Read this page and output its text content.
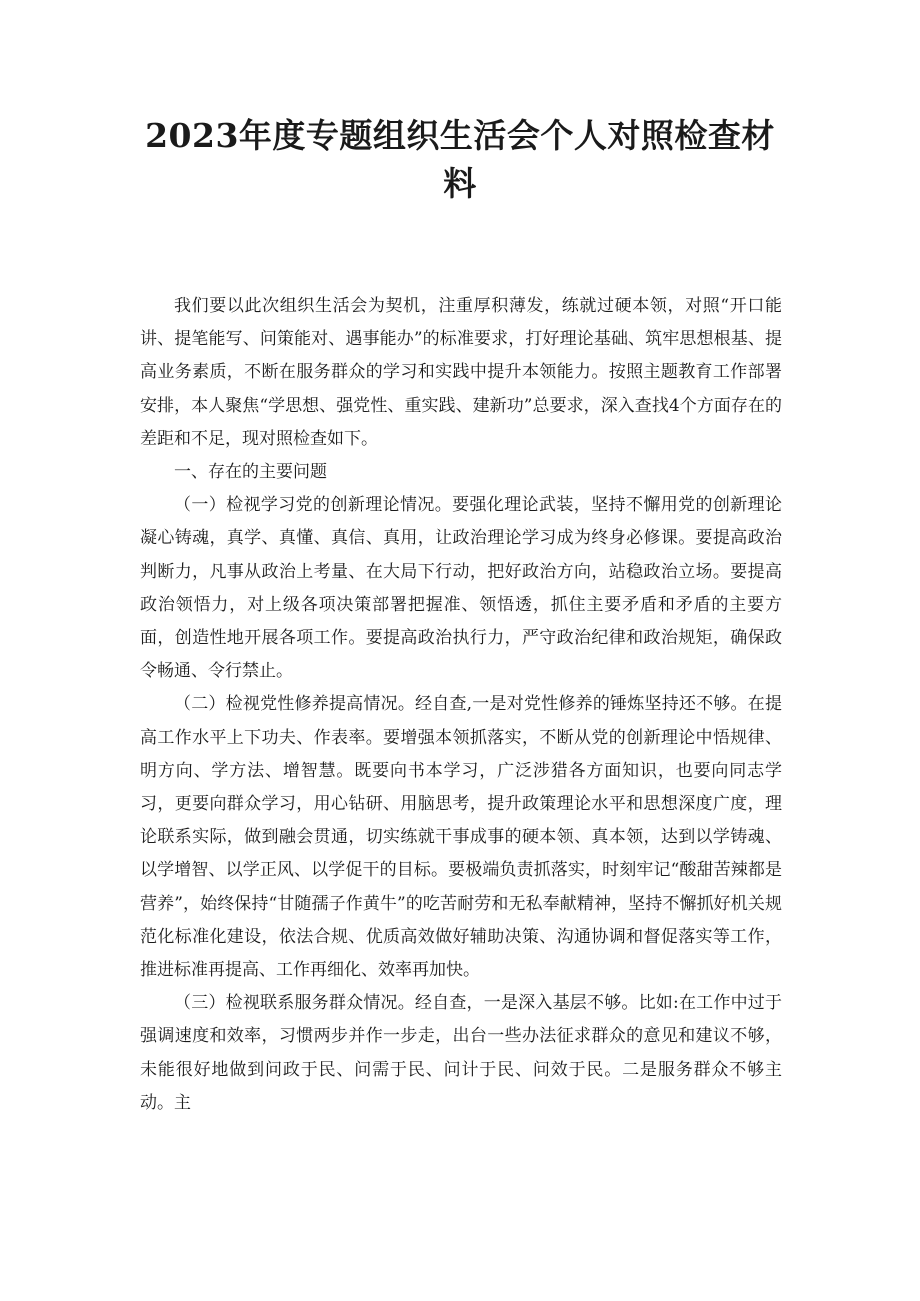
2023年度专题组织生活会个人对照检查材料

我们要以此次组织生活会为契机，注重厚积薄发，练就过硬本领，对照“开口能讲、提笔能写、问策能对、遇事能办”的标准要求，打好理论基础、筑牢思想根基、提高业务素质，不断在服务群众的学习和实践中提升本领能力。按照主题教育工作部署安排，本人聚焦“学思想、强党性、重实践、建新功”总要求，深入查找4个方面存在的差距和不足，现对照检查如下。

一、存在的主要问题

（一）检视学习党的创新理论情况。要强化理论武装，坚持不懈用党的创新理论凝心铸魂，真学、真懂、真信、真用，让政治理论学习成为终身必修课。要提高政治判断力，凡事从政治上考量、在大局下行动，把好政治方向，站稳政治立场。要提高政治领悟力，对上级各项决策部署把握准、领悟透，抓住主要矛盾和矛盾的主要方面，创造性地开展各项工作。要提高政治执行力，严守政治纪律和政治规矩，确保政令畅通、令行禁止。

（二）检视党性修养提高情况。经自查,一是对党性修养的锤炼坚持还不够。在提高工作水平上下功夫、作表率。要增强本领抓落实，不断从党的创新理论中悟规律、明方向、学方法、增智慧。既要向书本学习，广泛涉猎各方面知识，也要向同志学习，更要向群众学习，用心钻研、用脑思考，提升政策理论水平和思想深度广度，理论联系实际，做到融会贯通，切实练就干事成事的硬本领、真本领，达到以学铸魂、以学增智、以学正风、以学促干的目标。要极端负责抓落实，时刻牢记“酸甜苦辣都是营养”，始终保持“甘随孺子作黄牛”的吃苦耐劳和无私奉献精神，坚持不懈抓好机关规范化标准化建设，依法合规、优质高效做好辅助决策、沟通协调和督促落实等工作，推进标准再提高、工作再细化、效率再加快。

（三）检视联系服务群众情况。经自查，一是深入基层不够。比如:在工作中过于强调速度和效率，习惯两步并作一步走，出台一些办法征求群众的意见和建议不够，未能很好地做到问政于民、问需于民、问计于民、问效于民。二是服务群众不够主动。主
